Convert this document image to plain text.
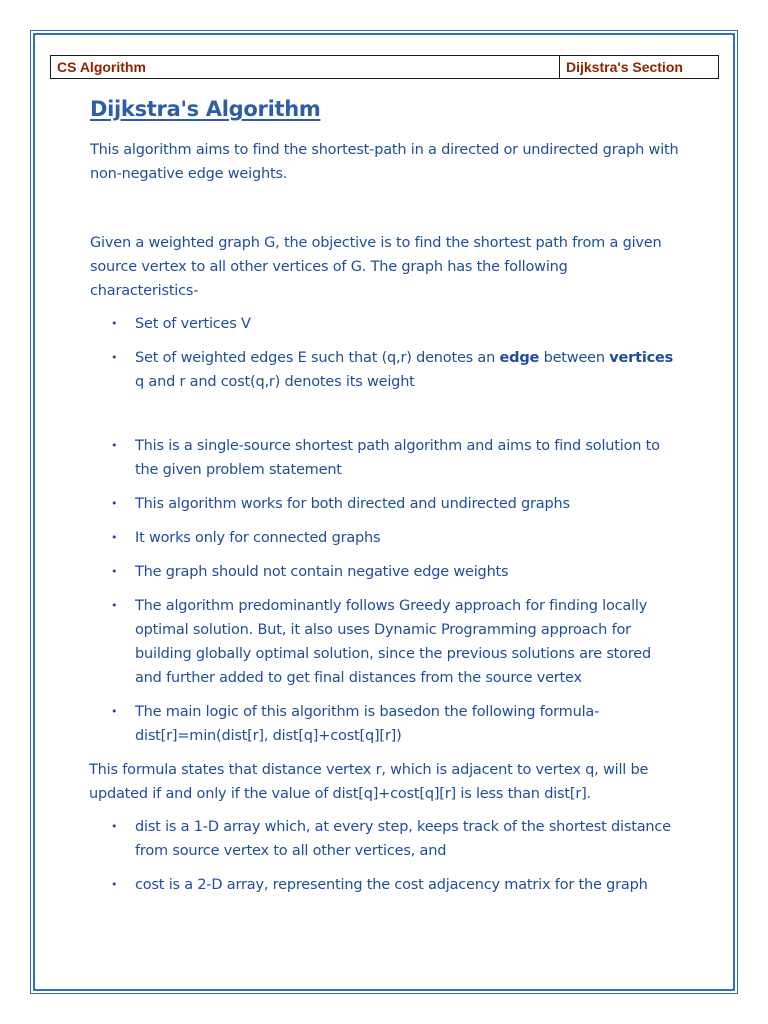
CS Algorithm	Dijkstra's Section
Dijkstra's Algorithm

This algorithm aims to find the shortest-path in a directed or undirected graph with non-negative edge weights.

Given a weighted graph G, the objective is to find the shortest path from a given source vertex to all other vertices of G. The graph has the following characteristics-

• Set of vertices V
• Set of weighted edges E such that (q,r) denotes an edge between vertices q and r and cost(q,r) denotes its weight
• This is a single-source shortest path algorithm and aims to find solution to the given problem statement
• This algorithm works for both directed and undirected graphs
• It works only for connected graphs
• The graph should not contain negative edge weights
• The algorithm predominantly follows Greedy approach for finding locally optimal solution. But, it also uses Dynamic Programming approach for building globally optimal solution, since the previous solutions are stored and further added to get final distances from the source vertex
• The main logic of this algorithm is basedon the following formula- dist[r]=min(dist[r], dist[q]+cost[q][r])

This formula states that distance vertex r, which is adjacent to vertex q, will be updated if and only if the value of dist[q]+cost[q][r] is less than dist[r].

• dist is a 1-D array which, at every step, keeps track of the shortest distance from source vertex to all other vertices, and
• cost is a 2-D array, representing the cost adjacency matrix for the graph
